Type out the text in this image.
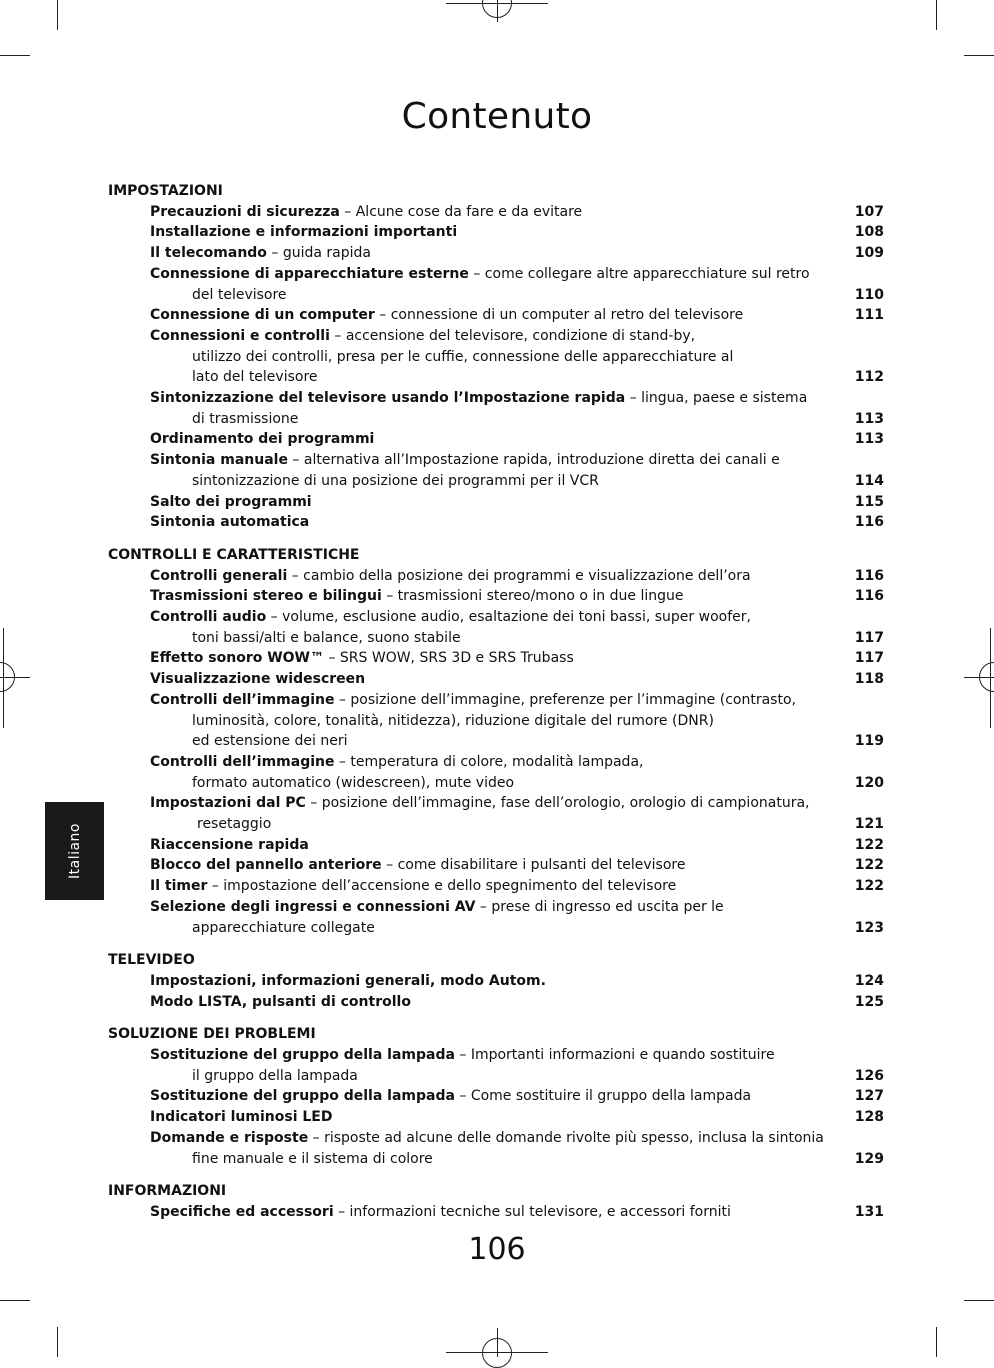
Contenuto
Italiano
IMPOSTAZIONI
Precauzioni di sicurezza – Alcune cose da fare e da evitare	107
Installazione e informazioni importanti	108
Il telecomando – guida rapida	109
Connessione di apparecchiature esterne – come collegare altre apparecchiature sul retro
del televisore	110
Connessione di un computer – connessione di un computer al retro del televisore	111
Connessioni e controlli – accensione del televisore, condizione di stand-by,
utilizzo dei controlli, presa per le cuffie, connessione delle apparecchiature al
lato del televisore	112
Sintonizzazione del televisore usando l’Impostazione rapida – lingua, paese e sistema
di trasmissione	113
Ordinamento dei programmi	113
Sintonia manuale – alternativa all’Impostazione rapida, introduzione diretta dei canali e
sintonizzazione di una posizione dei programmi per il VCR	114
Salto dei programmi	115
Sintonia automatica	116
CONTROLLI E CARATTERISTICHE
Controlli generali – cambio della posizione dei programmi e visualizzazione dell’ora	116
Trasmissioni stereo e bilingui – trasmissioni stereo/mono o in due lingue	116
Controlli audio – volume, esclusione audio, esaltazione dei toni bassi, super woofer,
toni bassi/alti e balance, suono stabile	117
Effetto sonoro WOW™ – SRS WOW, SRS 3D e SRS Trubass	117
Visualizzazione widescreen	118
Controlli dell’immagine – posizione dell’immagine, preferenze per l’immagine (contrasto,
luminosità, colore, tonalità, nitidezza), riduzione digitale del rumore (DNR)
ed estensione dei neri	119
Controlli dell’immagine – temperatura di colore, modalità lampada,
formato automatico (widescreen), mute video	120
Impostazioni dal PC – posizione dell’immagine, fase dell’orologio, orologio di campionatura,
resetaggio	121
Riaccensione rapida	122
Blocco del pannello anteriore – come disabilitare i pulsanti del televisore	122
Il timer – impostazione dell’accensione e dello spegnimento del televisore	122
Selezione degli ingressi e connessioni AV – prese di ingresso ed uscita per le
apparecchiature collegate	123
TELEVIDEO
Impostazioni, informazioni generali, modo Autom.	124
Modo LISTA, pulsanti di controllo	125
SOLUZIONE DEI PROBLEMI
Sostituzione del gruppo della lampada – Importanti informazioni e quando sostituire
il gruppo della lampada	126
Sostituzione del gruppo della lampada – Come sostituire il gruppo della lampada	127
Indicatori luminosi LED	128
Domande e risposte – risposte ad alcune delle domande rivolte più spesso, inclusa la sintonia
fine manuale e il sistema di colore	129
INFORMAZIONI
Specifiche ed accessori – informazioni tecniche sul televisore, e accessori forniti	131
106
